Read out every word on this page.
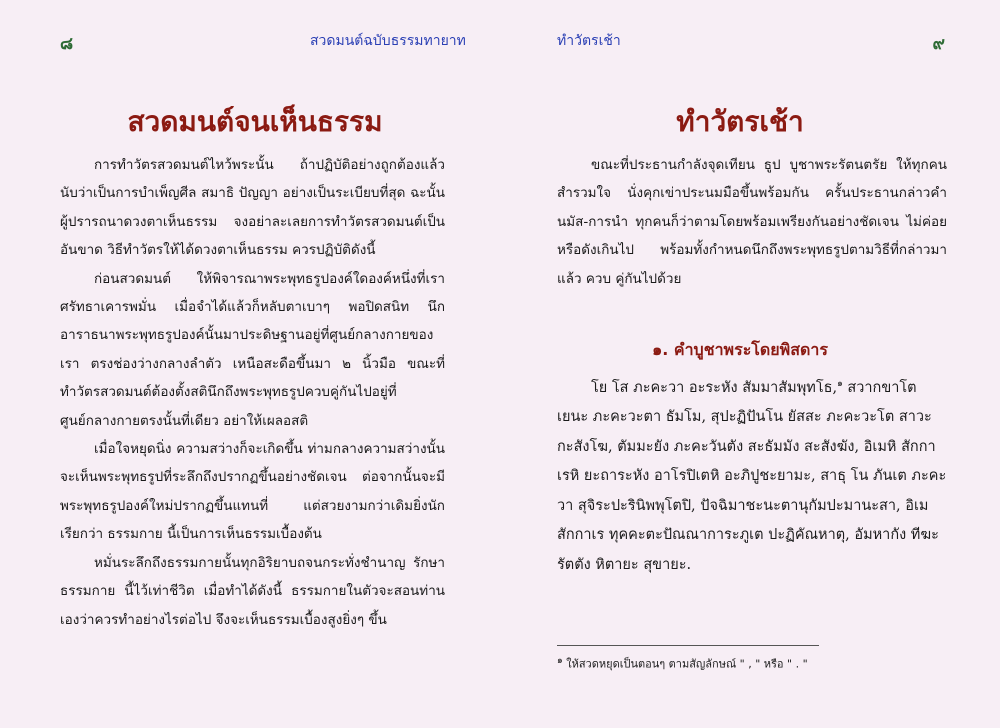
๘	สวดมนต์ฉบับธรรมทายาท
สวดมนต์จนเห็นธรรม

การทำวัตรสวดมนต์ไหว้พระนั้น ถ้าปฏิบัติอย่างถูกต้องแล้ว นับว่าเป็นการบำเพ็ญศีล สมาธิ ปัญญา อย่างเป็นระเบียบที่สุด ฉะนั้นผู้ปรารถนาดวงตาเห็นธรรม จงอย่าละเลยการทำวัตรสวดมนต์เป็นอันขาด วิธีทำวัตรให้ได้ดวงตาเห็นธรรม ควรปฏิบัติดังนี้

ก่อนสวดมนต์ ให้พิจารณาพระพุทธรูปองค์ใดองค์หนึ่งที่เราศรัทธาเคารพมั่น เมื่อจำได้แล้วก็หลับตาเบาๆ พอปิดสนิท นึกอาราธนาพระพุทธรูปองค์นั้นมาประดิษฐานอยู่ที่ศูนย์กลางกายของเรา ตรงช่องว่างกลางลำตัว เหนือสะดือขึ้นมา ๒ นิ้วมือ ขณะที่ทำวัตรสวดมนต์ต้องตั้งสตินึกถึงพระพุทธรูปควบคู่กันไปอยู่ที่ศูนย์กลางกายตรงนั้นที่เดียว อย่าให้เผลอสติ

เมื่อใจหยุดนิ่ง ความสว่างก็จะเกิดขึ้น ท่ามกลางความสว่างนั้นจะเห็นพระพุทธรูปที่ระลึกถึงปรากฏขึ้นอย่างชัดเจน ต่อจากนั้นจะมีพระพุทธรูปองค์ใหม่ปรากฏขึ้นแทนที่ แต่สวยงามกว่าเดิมยิ่งนัก เรียกว่า ธรรมกาย นี้เป็นการเห็นธรรมเบื้องต้น

หมั่นระลึกถึงธรรมกายนั้นทุกอิริยาบถจนกระทั่งชำนาญ รักษาธรรมกาย นี้ไว้เท่าชีวิต เมื่อทำได้ดังนี้ ธรรมกายในตัวจะสอนท่านเองว่าควรทำอย่างไรต่อไป จึงจะเห็นธรรมเบื้องสูงยิ่งๆ ขึ้น

๙
ทำวัตรเช้า
ทำวัตรเช้า

ขณะที่ประธานกำลังจุดเทียน ธูป บูชาพระรัตนตรัย ให้ทุกคนสำรวมใจ นั่งคุกเข่าประนมมือขึ้นพร้อมกัน ครั้นประธานกล่าวคำนมัส-การนำ ทุกคนก็ว่าตามโดยพร้อมเพรียงกันอย่างชัดเจน ไม่ค่อยหรือดังเกินไป พร้อมทั้งกำหนดนึกถึงพระพุทธรูปตามวิธีที่กล่าวมาแล้ว ควบ คู่กันไปด้วย

๑. คำบูชาพระโดยพิสดาร

โย โส ภะคะวา อะระหัง สัมมาสัมพุทโธ,$^๑$ สวากขาโต เยนะ ภะคะวะตา ธัมโม, สุปะฏิปันโน ยัสสะ ภะคะวะโต สาวะกะสังโฆ, ตัมมะยัง ภะคะวันตัง สะธัมมัง สะสังฆัง, อิเมหิ สักกาเรหิ ยะถาระหัง อาโรปิเตหิ อะภิปูชะยามะ, สาธุ โน ภันเต ภะคะวา สุจิระปะรินิพพุโตปิ, ปัจฉิมาชะนะตานุกัมปะมานะสา, อิเม สักกาเร ทุคคะตะปัณณาการะภูเต ปะฏิคัณหาตุ, อัมหากัง ทีฆะรัตตัง หิตายะ สุขายะ.

$^๑$ ให้สวดหยุดเป็นตอนๆ ตามสัญลักษณ์ " , " หรือ " . "
